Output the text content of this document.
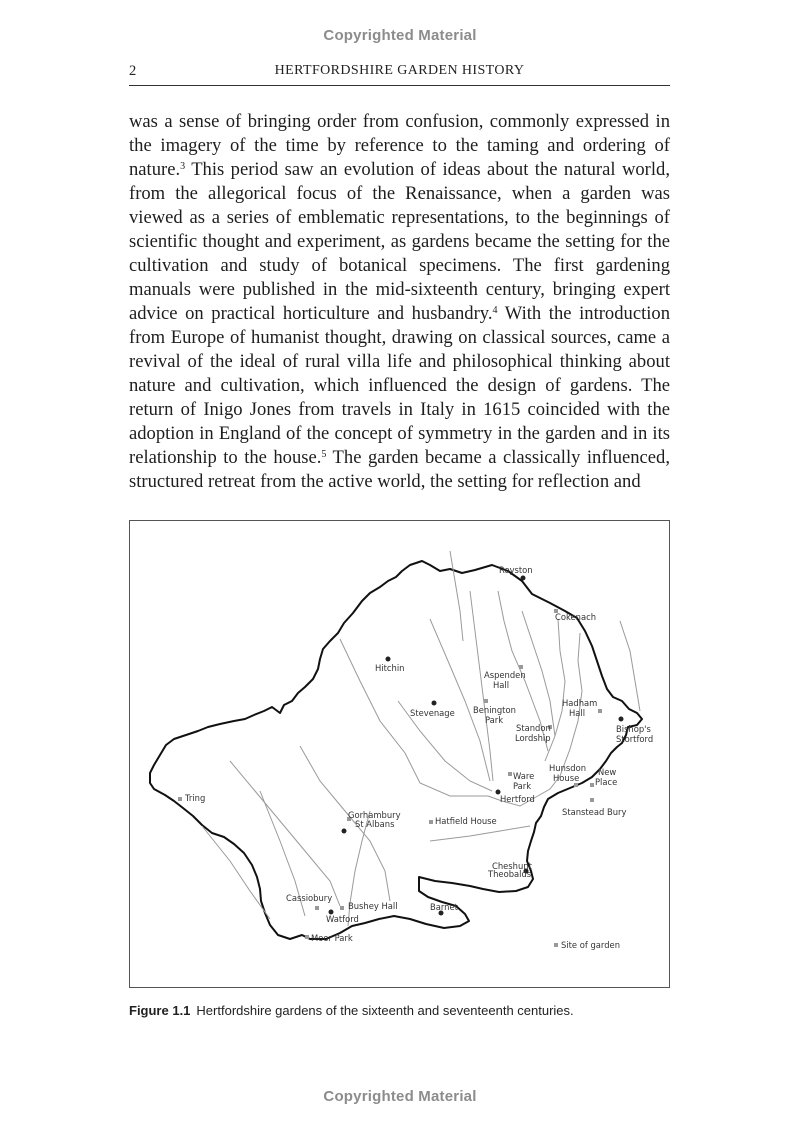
Copyrighted Material
2	HERTFORDSHIRE GARDEN HISTORY

was a sense of bringing order from confusion, commonly expressed in the imagery of the time by reference to the taming and ordering of nature.$^3$ This period saw an evolution of ideas about the natural world, from the allegorical focus of the Renaissance, when a garden was viewed as a series of emblematic representations, to the beginnings of scientific thought and experiment, as gardens became the setting for the cultivation and study of botanical specimens. The first gardening manuals were published in the mid-sixteenth century, bringing expert advice on practical horticulture and husbandry.$^4$ With the introduction from Europe of humanist thought, drawing on classical sources, came a revival of the ideal of rural villa life and philosophical thinking about nature and cultivation, which influenced the design of gardens. The return of Inigo Jones from travels in Italy in 1615 coincided with the adoption in England of the concept of symmetry in the garden and in its relationship to the house.$^5$ The garden became a classically influenced, structured retreat from the active world, the setting for reflection and

Royston
Hitchin
Stevenage
Hertford
St Albans
Bishop's
Stortford
Cheshunt
Barnet
Watford
Cokenach
Aspenden
Hall
Benington
Park
Standon
Lordship
Hadham
Hall
Hunsdon
House
New
Place
Ware
Park
Tring
Gorhambury
Hatfield House
Stanstead Bury
Theobalds
Cassiobury
Bushey Hall
Moor Park
Site of garden
Figure 1.1 Hertfordshire gardens of the sixteenth and seventeenth centuries.
Copyrighted Material
